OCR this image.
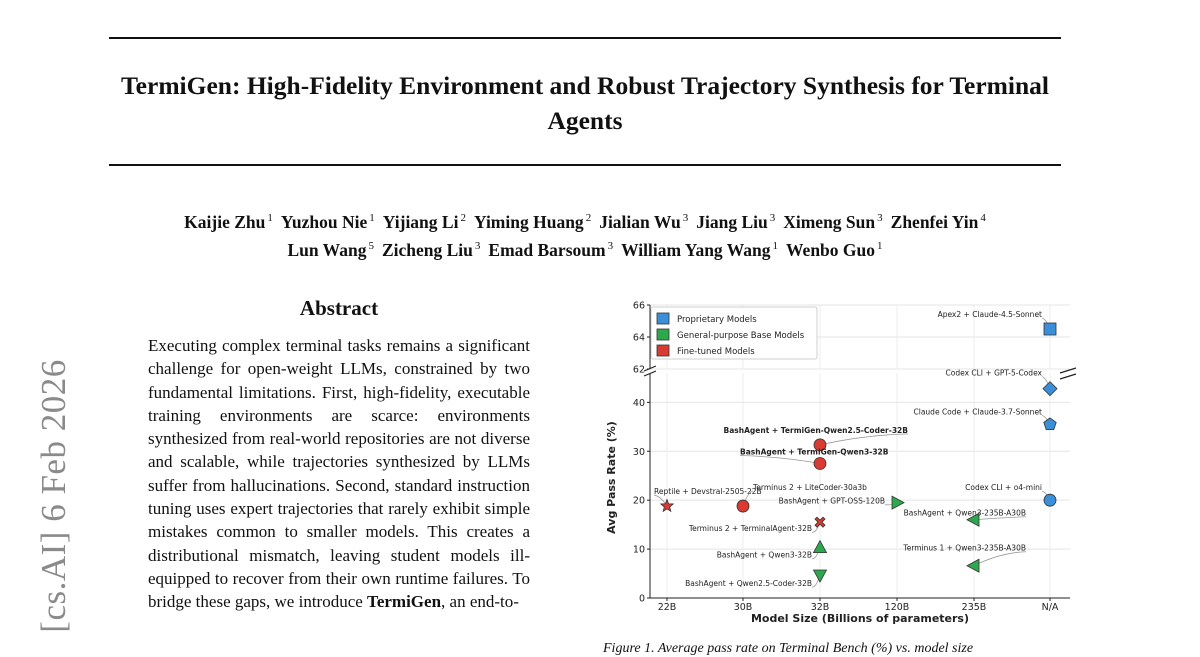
TermiGen: High-Fidelity Environment and Robust Trajectory Synthesis for Terminal Agents
Kaijie Zhu $^1$ Yuzhou Nie $^1$ Yijiang Li $^2$ Yiming Huang $^2$ Jialian Wu $^3$ Jiang Liu $^3$ Ximeng Sun $^3$ Zhenfei Yin $^4$
Lun Wang $^5$ Zicheng Liu $^3$ Emad Barsoum $^3$ William Yang Wang $^1$ Wenbo Guo $^1$
[cs.AI] 6 Feb 2026
Abstract
Executing complex terminal tasks remains a significant challenge for open-weight LLMs, constrained by two fundamental limitations. First, high-fidelity, executable training environments are scarce: environments synthesized from real-world repositories are not diverse and scalable, while trajectories synthesized by LLMs suffer from hallucinations. Second, standard instruction tuning uses expert trajectories that rarely exhibit simple mistakes common to smaller models. This creates a distributional mismatch, leaving student models ill-equipped to recover from their own runtime failures. To bridge these gaps, we introduce TermiGen, an end-to-
62
64
66
0
10
20
30
40
22B	30B	32B	120B	235B	N/A
Model Size (Billions of parameters)
Avg Pass Rate (%)
Proprietary Models
General-purpose Base Models
Fine-tuned Models
Apex2 + Claude-4.5-Sonnet
Codex CLI + GPT-5-Codex
Claude Code + Claude-3.7-Sonnet
Codex CLI + o4-mini
BashAgent + TermiGen-Qwen2.5-Coder-32B
BashAgent + TermiGen-Qwen3-32B
Reptile + Devstral-2505-22B
Terminus 2 + LiteCoder-30a3b
Terminus 2 + TerminalAgent-32B
BashAgent + GPT-OSS-120B
BashAgent + Qwen3-235B-A30B
BashAgent + Qwen3-32B
Terminus 1 + Qwen3-235B-A30B
BashAgent + Qwen2.5-Coder-32B
Figure 1. Average pass rate on Terminal Bench (%) vs. model size
